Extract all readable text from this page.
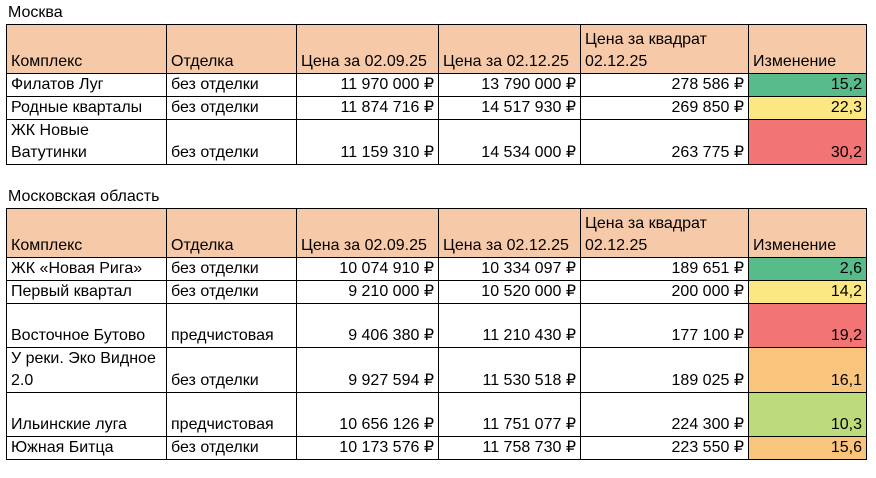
Москва
Комплекс	Отделка	Цена за 02.09.25	Цена за 02.12.25	Цена за квадрат 02.12.25	Изменение
Филатов Луг	без отделки	11 970 000 ₽	13 790 000 ₽	278 586 ₽	15,2
Родные кварталы	без отделки	11 874 716 ₽	14 517 930 ₽	269 850 ₽	22,3
ЖК Новые Ватутинки	без отделки	11 159 310 ₽	14 534 000 ₽	263 775 ₽	30,2
Московская область
Комплекс	Отделка	Цена за 02.09.25	Цена за 02.12.25	Цена за квадрат 02.12.25	Изменение
ЖК «Новая Рига»	без отделки	10 074 910 ₽	10 334 097 ₽	189 651 ₽	2,6
Первый квартал	без отделки	9 210 000 ₽	10 520 000 ₽	200 000 ₽	14,2
Восточное Бутово	предчистовая	9 406 380 ₽	11 210 430 ₽	177 100 ₽	19,2
У реки. Эко Видное 2.0	без отделки	9 927 594 ₽	11 530 518 ₽	189 025 ₽	16,1
Ильинские луга	предчистовая	10 656 126 ₽	11 751 077 ₽	224 300 ₽	10,3
Южная Битца	без отделки	10 173 576 ₽	11 758 730 ₽	223 550 ₽	15,6
